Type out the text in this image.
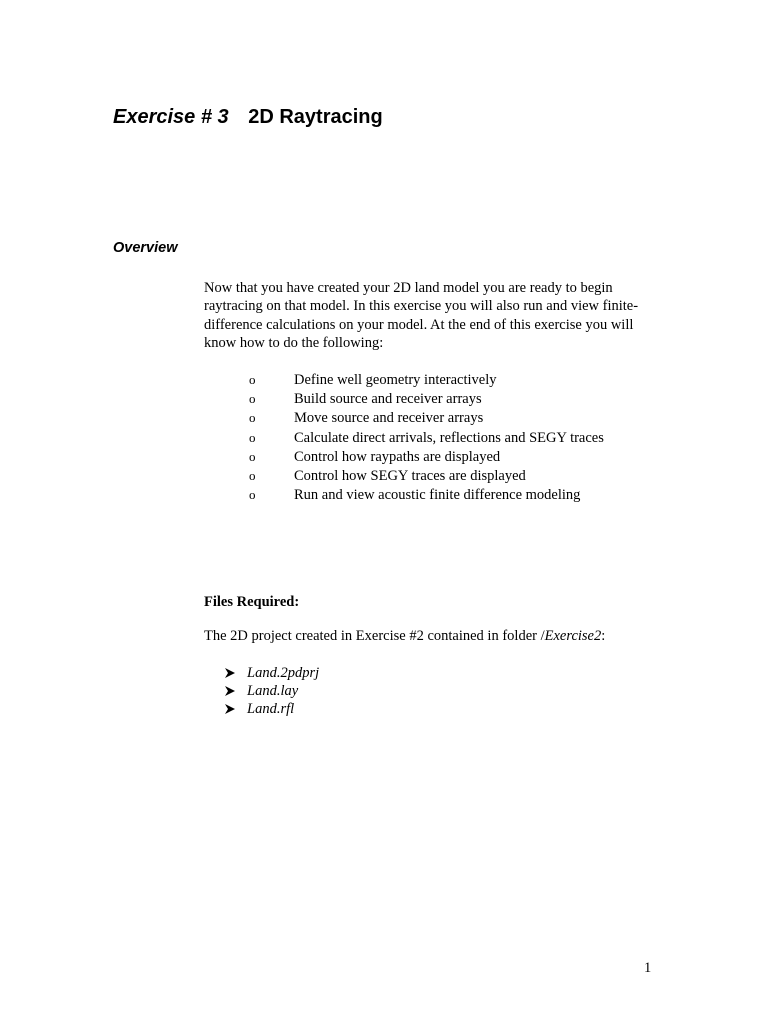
Exercise # 3 2D Raytracing
Overview

Now that you have created your 2D land model you are ready to begin raytracing on that model. In this exercise you will also run and view finite-difference calculations on your model. At the end of this exercise you will know how to do the following:

o	Define well geometry interactively
o	Build source and receiver arrays
o	Move source and receiver arrays
o	Calculate direct arrivals, reflections and SEGY traces
o	Control how raypaths are displayed
o	Control how SEGY traces are displayed
o	Run and view acoustic finite difference modeling
Files Required:
The 2D project created in Exercise #2 contained in folder /Exercise2:
Land.2pdprj
Land.lay
Land.rfl
1
